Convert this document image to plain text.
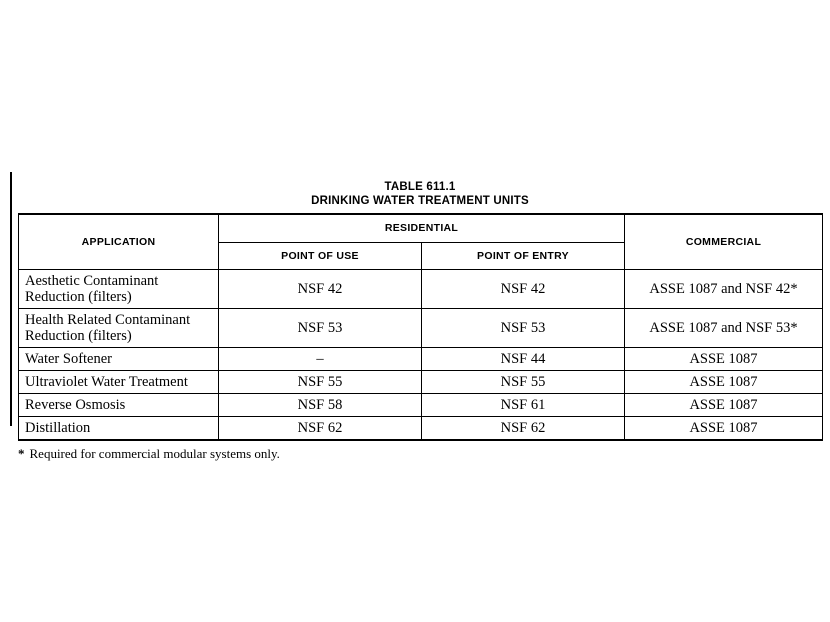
TABLE 611.1
DRINKING WATER TREATMENT UNITS
APPLICATION	RESIDENTIAL		COMMERCIAL
	POINT OF USE	POINT OF ENTRY	
Aesthetic Contaminant Reduction (filters)	NSF 42	NSF 42	ASSE 1087 and NSF 42*
Health Related Contaminant Reduction (filters)	NSF 53	NSF 53	ASSE 1087 and NSF 53*
Water Softener	–	NSF 44	ASSE 1087
Ultraviolet Water Treatment	NSF 55	NSF 55	ASSE 1087
Reverse Osmosis	NSF 58	NSF 61	ASSE 1087
Distillation	NSF 62	NSF 62	ASSE 1087
* Required for commercial modular systems only.
